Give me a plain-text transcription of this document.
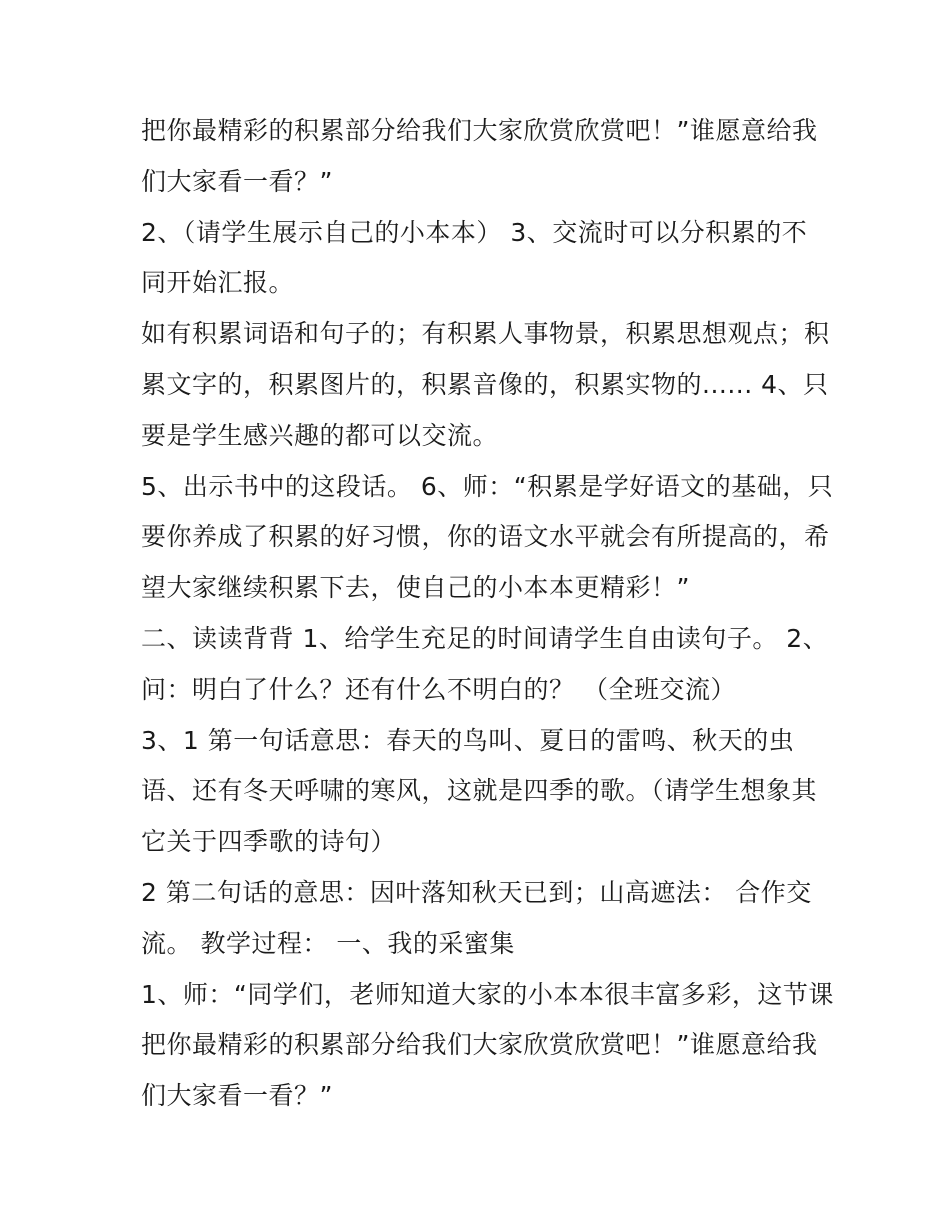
把你最精彩的积累部分给我们大家欣赏欣赏吧！”谁愿意给我
们大家看一看？”
2、（请学生展示自己的小本本） 3、交流时可以分积累的不
同开始汇报。
如有积累词语和句子的；有积累人事物景，积累思想观点；积
累文字的，积累图片的，积累音像的，积累实物的...... 4、只
要是学生感兴趣的都可以交流。
5、出示书中的这段话。 6、师：“积累是学好语文的基础，只
要你养成了积累的好习惯，你的语文水平就会有所提高的，希
望大家继续积累下去，使自己的小本本更精彩！”
二、读读背背 1、给学生充足的时间请学生自由读句子。 2、
问：明白了什么？还有什么不明白的？ （全班交流）
3、1 第一句话意思：春天的鸟叫、夏日的雷鸣、秋天的虫
语、还有冬天呼啸的寒风，这就是四季的歌。（请学生想象其
它关于四季歌的诗句）
2 第二句话的意思：因叶落知秋天已到；山高遮法： 合作交
流。 教学过程： 一、我的采蜜集
1、师：“同学们，老师知道大家的小本本很丰富多彩，这节课
把你最精彩的积累部分给我们大家欣赏欣赏吧！”谁愿意给我
们大家看一看？”
